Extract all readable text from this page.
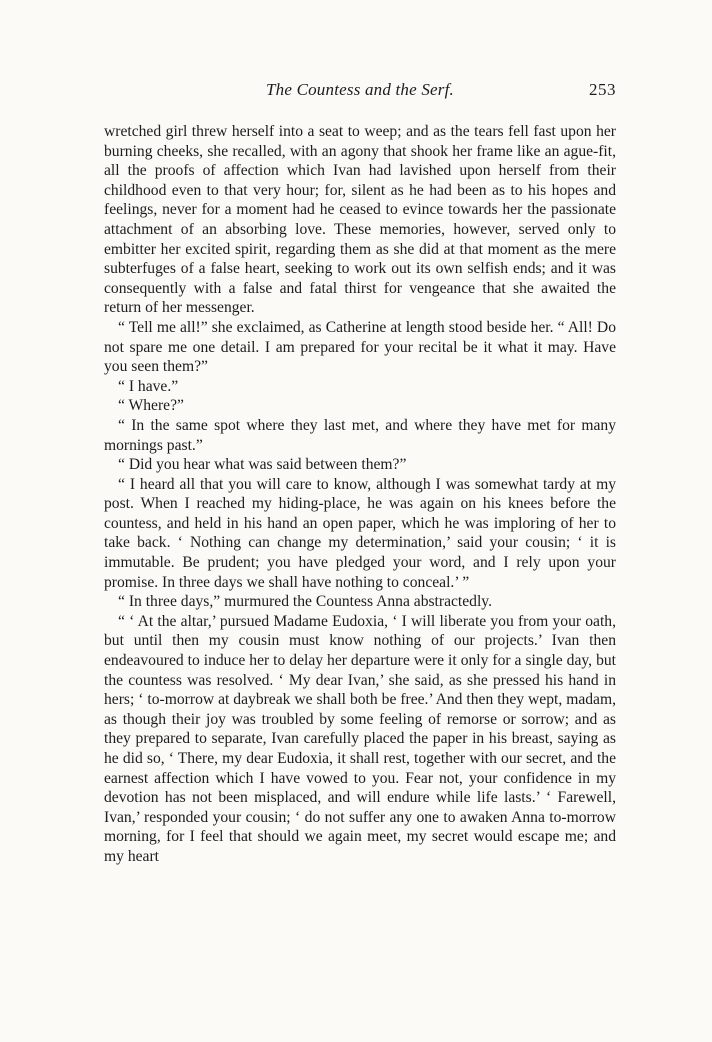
The Countess and the Serf.	253

wretched girl threw herself into a seat to weep; and as the tears fell fast upon her burning cheeks, she recalled, with an agony that shook her frame like an ague-fit, all the proofs of affection which Ivan had lavished upon herself from their childhood even to that very hour; for, silent as he had been as to his hopes and feelings, never for a moment had he ceased to evince towards her the passionate attachment of an absorbing love. These memories, however, served only to embitter her excited spirit, regarding them as she did at that moment as the mere subterfuges of a false heart, seeking to work out its own selfish ends; and it was consequently with a false and fatal thirst for vengeance that she awaited the return of her messenger.

“ Tell me all!” she exclaimed, as Catherine at length stood beside her. “ All! Do not spare me one detail. I am prepared for your recital be it what it may. Have you seen them?”

“ I have.”

“ Where?”

“ In the same spot where they last met, and where they have met for many mornings past.”

“ Did you hear what was said between them?”

“ I heard all that you will care to know, although I was somewhat tardy at my post. When I reached my hiding-place, he was again on his knees before the countess, and held in his hand an open paper, which he was imploring of her to take back. ‘ Nothing can change my determination,’ said your cousin; ‘ it is immutable. Be prudent; you have pledged your word, and I rely upon your promise. In three days we shall have nothing to conceal.’ ”

“ In three days,” murmured the Countess Anna abstractedly.

“ ‘ At the altar,’ pursued Madame Eudoxia, ‘ I will liberate you from your oath, but until then my cousin must know nothing of our projects.’ Ivan then endeavoured to induce her to delay her departure were it only for a single day, but the countess was resolved. ‘ My dear Ivan,’ she said, as she pressed his hand in hers; ‘ to-morrow at daybreak we shall both be free.’ And then they wept, madam, as though their joy was troubled by some feeling of remorse or sorrow; and as they prepared to separate, Ivan carefully placed the paper in his breast, saying as he did so, ‘ There, my dear Eudoxia, it shall rest, together with our secret, and the earnest affection which I have vowed to you. Fear not, your confidence in my devotion has not been misplaced, and will endure while life lasts.’ ‘ Farewell, Ivan,’ responded your cousin; ‘ do not suffer any one to awaken Anna to-morrow morning, for I feel that should we again meet, my secret would escape me; and my heart
